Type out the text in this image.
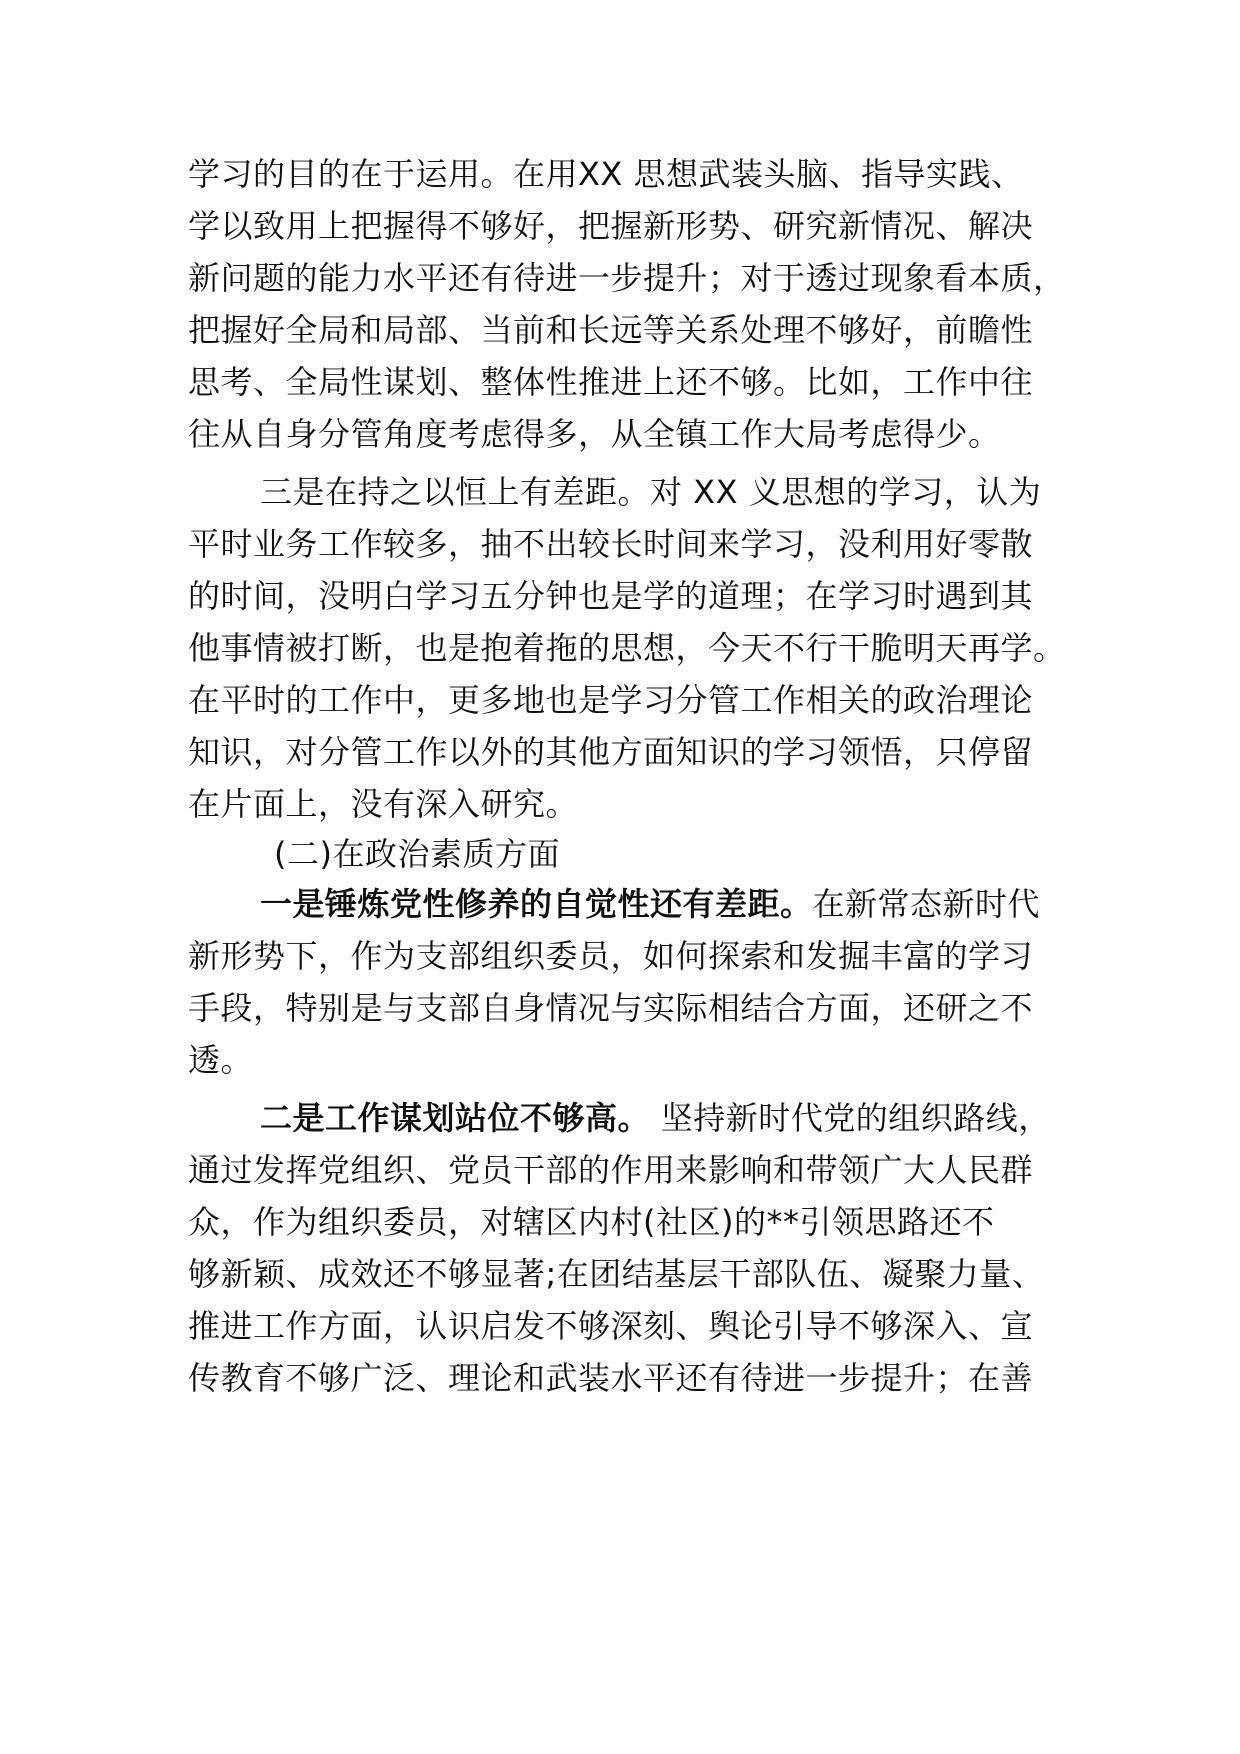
学习的目的在于运用。在用XX 思想武装头脑、指导实践、
学以致用上把握得不够好，把握新形势、研究新情况、解决
新问题的能力水平还有待进一步提升；对于透过现象看本质，
把握好全局和局部、当前和长远等关系处理不够好，前瞻性
思考、全局性谋划、整体性推进上还不够。比如，工作中往
往从自身分管角度考虑得多，从全镇工作大局考虑得少。
三是在持之以恒上有差距。对 XX 义思想的学习，认为
平时业务工作较多，抽不出较长时间来学习，没利用好零散
的时间，没明白学习五分钟也是学的道理；在学习时遇到其
他事情被打断，也是抱着拖的思想，今天不行干脆明天再学。
在平时的工作中，更多地也是学习分管工作相关的政治理论
知识，对分管工作以外的其他方面知识的学习领悟，只停留
在片面上，没有深入研究。
(二)在政治素质方面
一是锤炼党性修养的自觉性还有差距。在新常态新时代
新形势下，作为支部组织委员，如何探索和发掘丰富的学习
手段，特别是与支部自身情况与实际相结合方面，还研之不
透。
二是工作谋划站位不够高。 坚持新时代党的组织路线，
通过发挥党组织、党员干部的作用来影响和带领广大人民群
众，作为组织委员，对辖区内村(社区)的**引领思路还不
够新颖、成效还不够显著;在团结基层干部队伍、凝聚力量、
推进工作方面，认识启发不够深刻、舆论引导不够深入、宣
传教育不够广泛、理论和武装水平还有待进一步提升；在善
